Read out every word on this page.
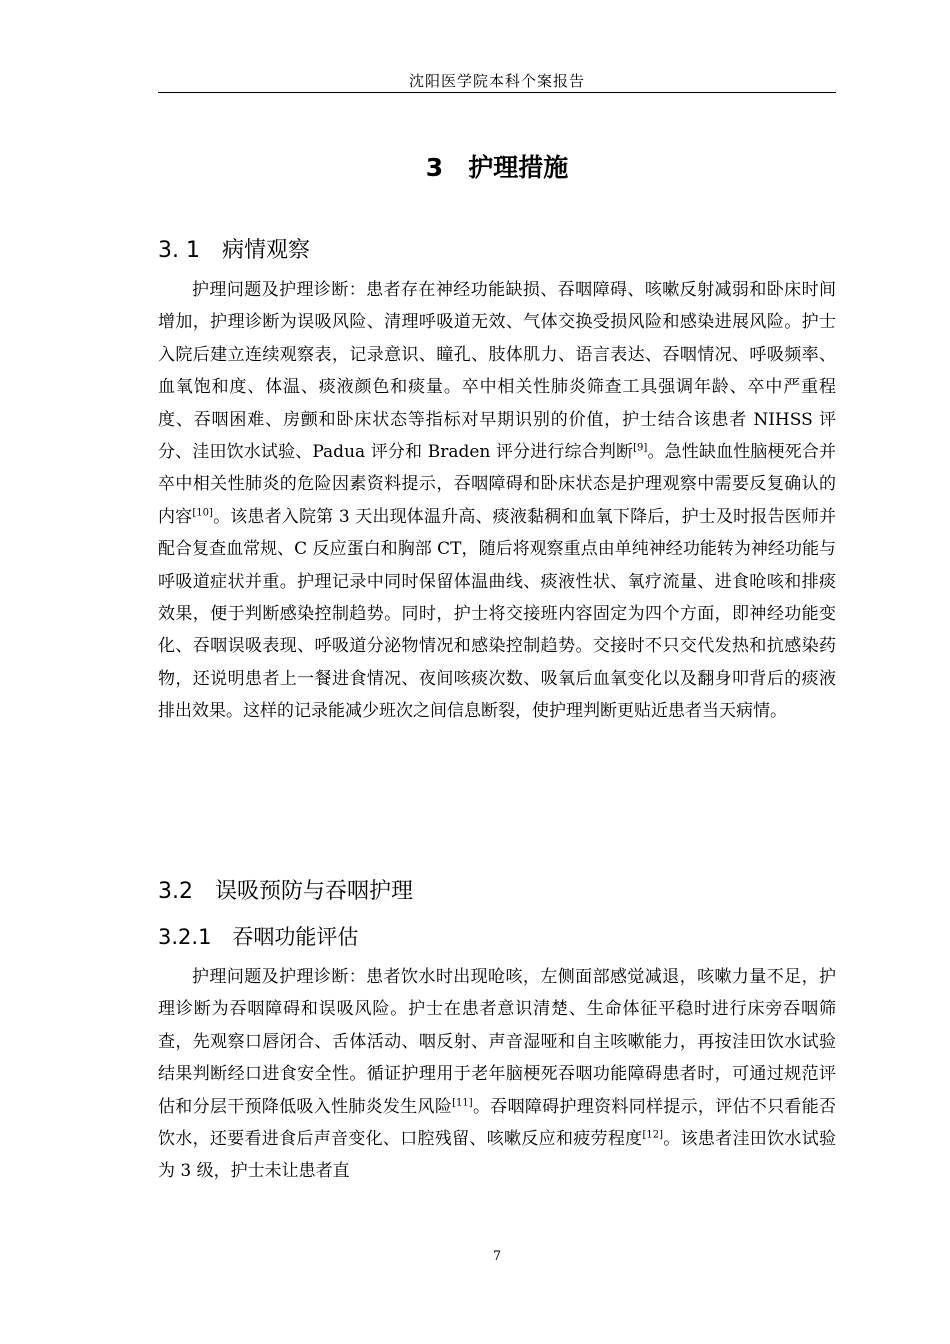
沈阳医学院本科个案报告
3　护理措施
3. 1　病情观察

护理问题及护理诊断：患者存在神经功能缺损、吞咽障碍、咳嗽反射减弱和卧床时间增加，护理诊断为误吸风险、清理呼吸道无效、气体交换受损风险和感染进展风险。护士入院后建立连续观察表，记录意识、瞳孔、肢体肌力、语言表达、吞咽情况、呼吸频率、血氧饱和度、体温、痰液颜色和痰量。卒中相关性肺炎筛查工具强调年龄、卒中严重程度、吞咽困难、房颤和卧床状态等指标对早期识别的价值，护士结合该患者 NIHSS 评分、洼田饮水试验、Padua 评分和 Braden 评分进行综合判断[9]。急性缺血性脑梗死合并卒中相关性肺炎的危险因素资料提示，吞咽障碍和卧床状态是护理观察中需要反复确认的内容[10]。该患者入院第 3 天出现体温升高、痰液黏稠和血氧下降后，护士及时报告医师并配合复查血常规、C 反应蛋白和胸部 CT，随后将观察重点由单纯神经功能转为神经功能与呼吸道症状并重。护理记录中同时保留体温曲线、痰液性状、氧疗流量、进食呛咳和排痰效果，便于判断感染控制趋势。同时，护士将交接班内容固定为四个方面，即神经功能变化、吞咽误吸表现、呼吸道分泌物情况和感染控制趋势。交接时不只交代发热和抗感染药物，还说明患者上一餐进食情况、夜间咳痰次数、吸氧后血氧变化以及翻身叩背后的痰液排出效果。这样的记录能减少班次之间信息断裂，使护理判断更贴近患者当天病情。

3.2　误吸预防与吞咽护理
3.2.1　吞咽功能评估

护理问题及护理诊断：患者饮水时出现呛咳，左侧面部感觉减退，咳嗽力量不足，护理诊断为吞咽障碍和误吸风险。护士在患者意识清楚、生命体征平稳时进行床旁吞咽筛查，先观察口唇闭合、舌体活动、咽反射、声音湿哑和自主咳嗽能力，再按洼田饮水试验结果判断经口进食安全性。循证护理用于老年脑梗死吞咽功能障碍患者时，可通过规范评估和分层干预降低吸入性肺炎发生风险[11]。吞咽障碍护理资料同样提示，评估不只看能否饮水，还要看进食后声音变化、口腔残留、咳嗽反应和疲劳程度[12]。该患者洼田饮水试验为 3 级，护士未让患者直

7
